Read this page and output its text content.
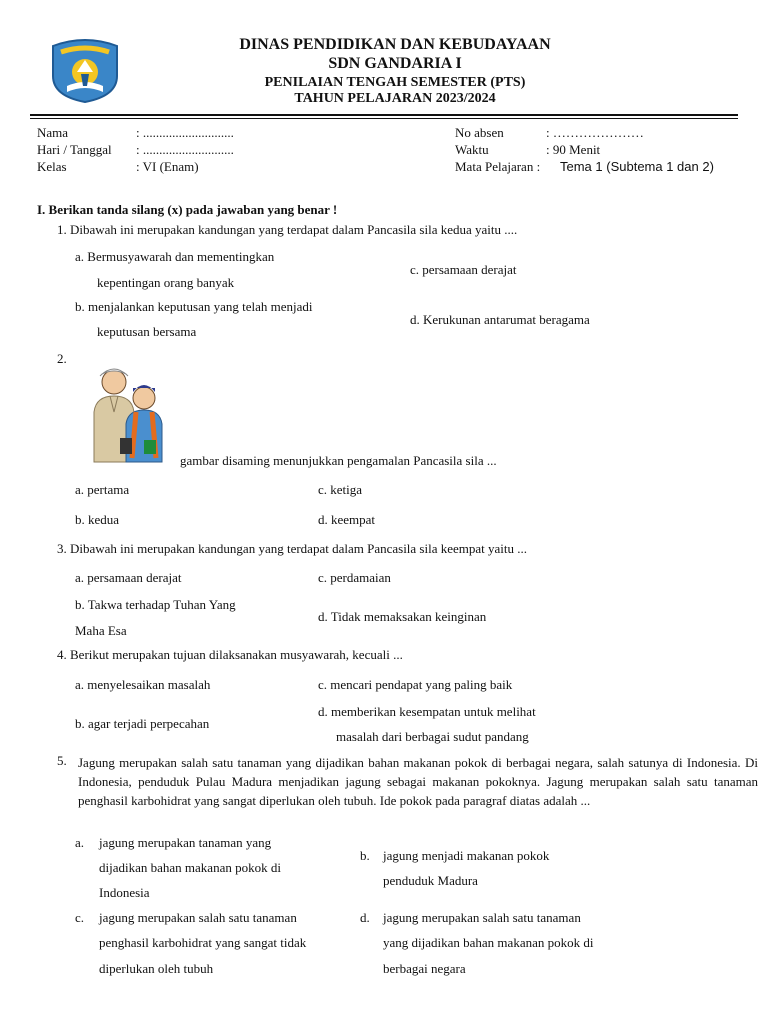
DINAS PENDIDIKAN DAN KEBUDAYAAN
SDN GANDARIA I
PENILAIAN TENGAH SEMESTER (PTS)
TAHUN PELAJARAN 2023/2024
Nama	: ............................
Hari / Tanggal : ............................
Kelas	: VI (Enam)
No absen	: …………………
Waktu	: 90 Menit
Mata Pelajaran : Tema 1 (Subtema 1 dan 2)
I. Berikan tanda silang (x) pada jawaban yang benar !
1. Dibawah ini merupakan kandungan yang terdapat dalam Pancasila sila kedua yaitu ....
a. Bermusyawarah dan mementingkan
kepentingan orang banyak
b. menjalankan keputusan yang telah menjadi
keputusan bersama
c. persamaan derajat
d. Kerukunan antarumat beragama
2.
gambar disaming menunjukkan pengamalan Pancasila sila ...
a. pertama
b. kedua
c. ketiga
d. keempat
3. Dibawah ini merupakan kandungan yang terdapat dalam Pancasila sila keempat yaitu ...
a. persamaan derajat
b. Takwa terhadap Tuhan Yang
Maha Esa
c. perdamaian
d. Tidak memaksakan keinginan
4. Berikut merupakan tujuan dilaksanakan musyawarah, kecuali ...
a. menyelesaikan masalah
b. agar terjadi perpecahan
c. mencari pendapat yang paling baik
d. memberikan kesempatan untuk melihat
masalah dari berbagai sudut pandang
5. Jagung merupakan salah satu tanaman yang dijadikan bahan makanan pokok di berbagai negara, salah satunya di Indonesia. Di Indonesia, penduduk Pulau Madura menjadikan jagung sebagai makanan pokoknya. Jagung merupakan salah satu tanaman penghasil karbohidrat yang sangat diperlukan oleh tubuh. Ide pokok pada paragraf diatas adalah ...
a. jagung merupakan tanaman yang
dijadikan bahan makanan pokok di
Indonesia
b. jagung menjadi makanan pokok
penduduk Madura
c. jagung merupakan salah satu tanaman
penghasil karbohidrat yang sangat tidak
diperlukan oleh tubuh
d. jagung merupakan salah satu tanaman
yang dijadikan bahan makanan pokok di
berbagai negara
